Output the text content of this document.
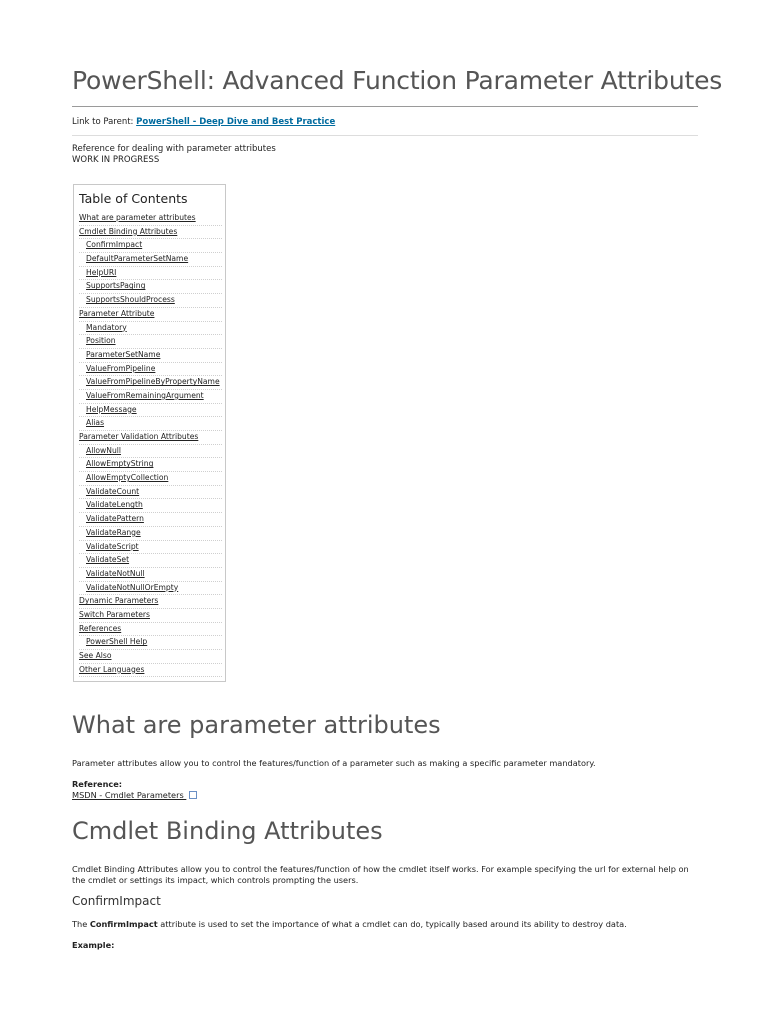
PowerShell: Advanced Function Parameter Attributes
Link to Parent: PowerShell - Deep Dive and Best Practice
Reference for dealing with parameter attributes
WORK IN PROGRESS
Table of Contents
What are parameter attributes
Cmdlet Binding Attributes
ConfirmImpact
DefaultParameterSetName
HelpURI
SupportsPaging
SupportsShouldProcess
Parameter Attribute
Mandatory
Position
ParameterSetName
ValueFromPipeline
ValueFromPipelineByPropertyName
ValueFromRemainingArgument
HelpMessage
Alias
Parameter Validation Attributes
AllowNull
AllowEmptyString
AllowEmptyCollection
ValidateCount
ValidateLength
ValidatePattern
ValidateRange
ValidateScript
ValidateSet
ValidateNotNull
ValidateNotNullOrEmpty
Dynamic Parameters
Switch Parameters
References
PowerShell Help
See Also
Other Languages
What are parameter attributes

Parameter attributes allow you to control the features/function of a parameter such as making a specific parameter mandatory.

Reference:
MSDN - Cmdlet Parameters
Cmdlet Binding Attributes

Cmdlet Binding Attributes allow you to control the features/function of how the cmdlet itself works. For example specifying the url for external help on the cmdlet or settings its impact, which controls prompting the users.

ConfirmImpact

The ConfirmImpact attribute is used to set the importance of what a cmdlet can do, typically based around its ability to destroy data.

Example:
